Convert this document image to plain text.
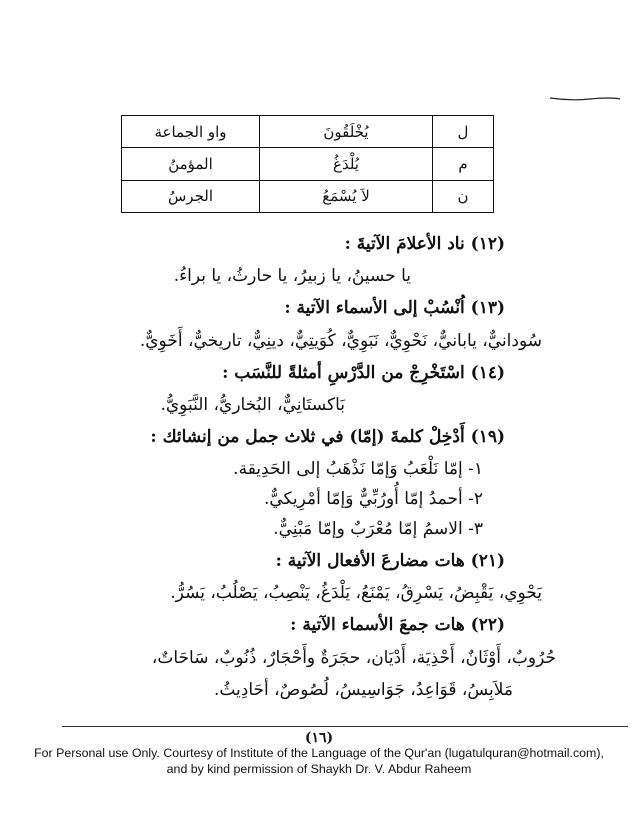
ل	يُخْلَقُونَ	واو الجماعة
م	يُلْدَغُ	المؤمنُ
ن	لاَ يُسْمَعُ	الجرسُ
(١٢) ناد الأعلامَ الآتيةَ :
يا حسينُ، يا زبيرُ، يا حارثُ، يا براءُ.
(١٣) اُنْسُبْ إلى الأسماء الآتية :
سُودانيٌّ، يابانيٌّ، نَحْوِيٌّ، نَبَوِيٌّ، كُوَيتِيٌّ، دينِيٌّ، تاريخيٌّ، أَخَوِيٌّ.
(١٤) اسْتَخْرِجْ من الدَّرْسِ أمثلةً للنَّسَب :
بَاكستَانِيٌّ، البُخاريُّ، النَّبَوِيُّ.
(١٩) أَدْخِلْ كلمةَ (إمّا) في ثلاث جمل من إنشائك :
١- إمّا نَلْعَبُ وَإمّا نَذْهَبُ إلى الحَدِيقة.
٢- أحمدُ إمّا أُورُبِّيٌّ وَإمّا أمْرِيكيٌّ.
٣- الاسمُ إمّا مُعْرَبٌ وإمّا مَبْنِيٌّ.
(٢١) هات مضارعَ الأفعال الآتية :
يَحْوِي، يَقْبِضُ، يَسْرِقُ، يَمْنَعُ، يَلْدَغُ، يَنْصِبُ، يَصْلُبُ، يَسُرُّ.
(٢٢) هات جمعَ الأسماء الآتية :
حُرُوبٌ، أَوْثَانٌ، أَحْذِيَة، أَدْيَان، حجَرَةٌ وأَحْجَارٌ، ذُنُوبٌ، سَاحَاتٌ،
مَلاَبِسُ، قَوَاعِدُ، جَوَاسِيسُ، لُصُوصٌ، أحَادِيثُ.
(١٦)
For Personal use Only. Courtesy of Institute of the Language of the Qur'an (lugatulquran@hotmail.com),
and by kind permission of Shaykh Dr. V. Abdur Raheem
